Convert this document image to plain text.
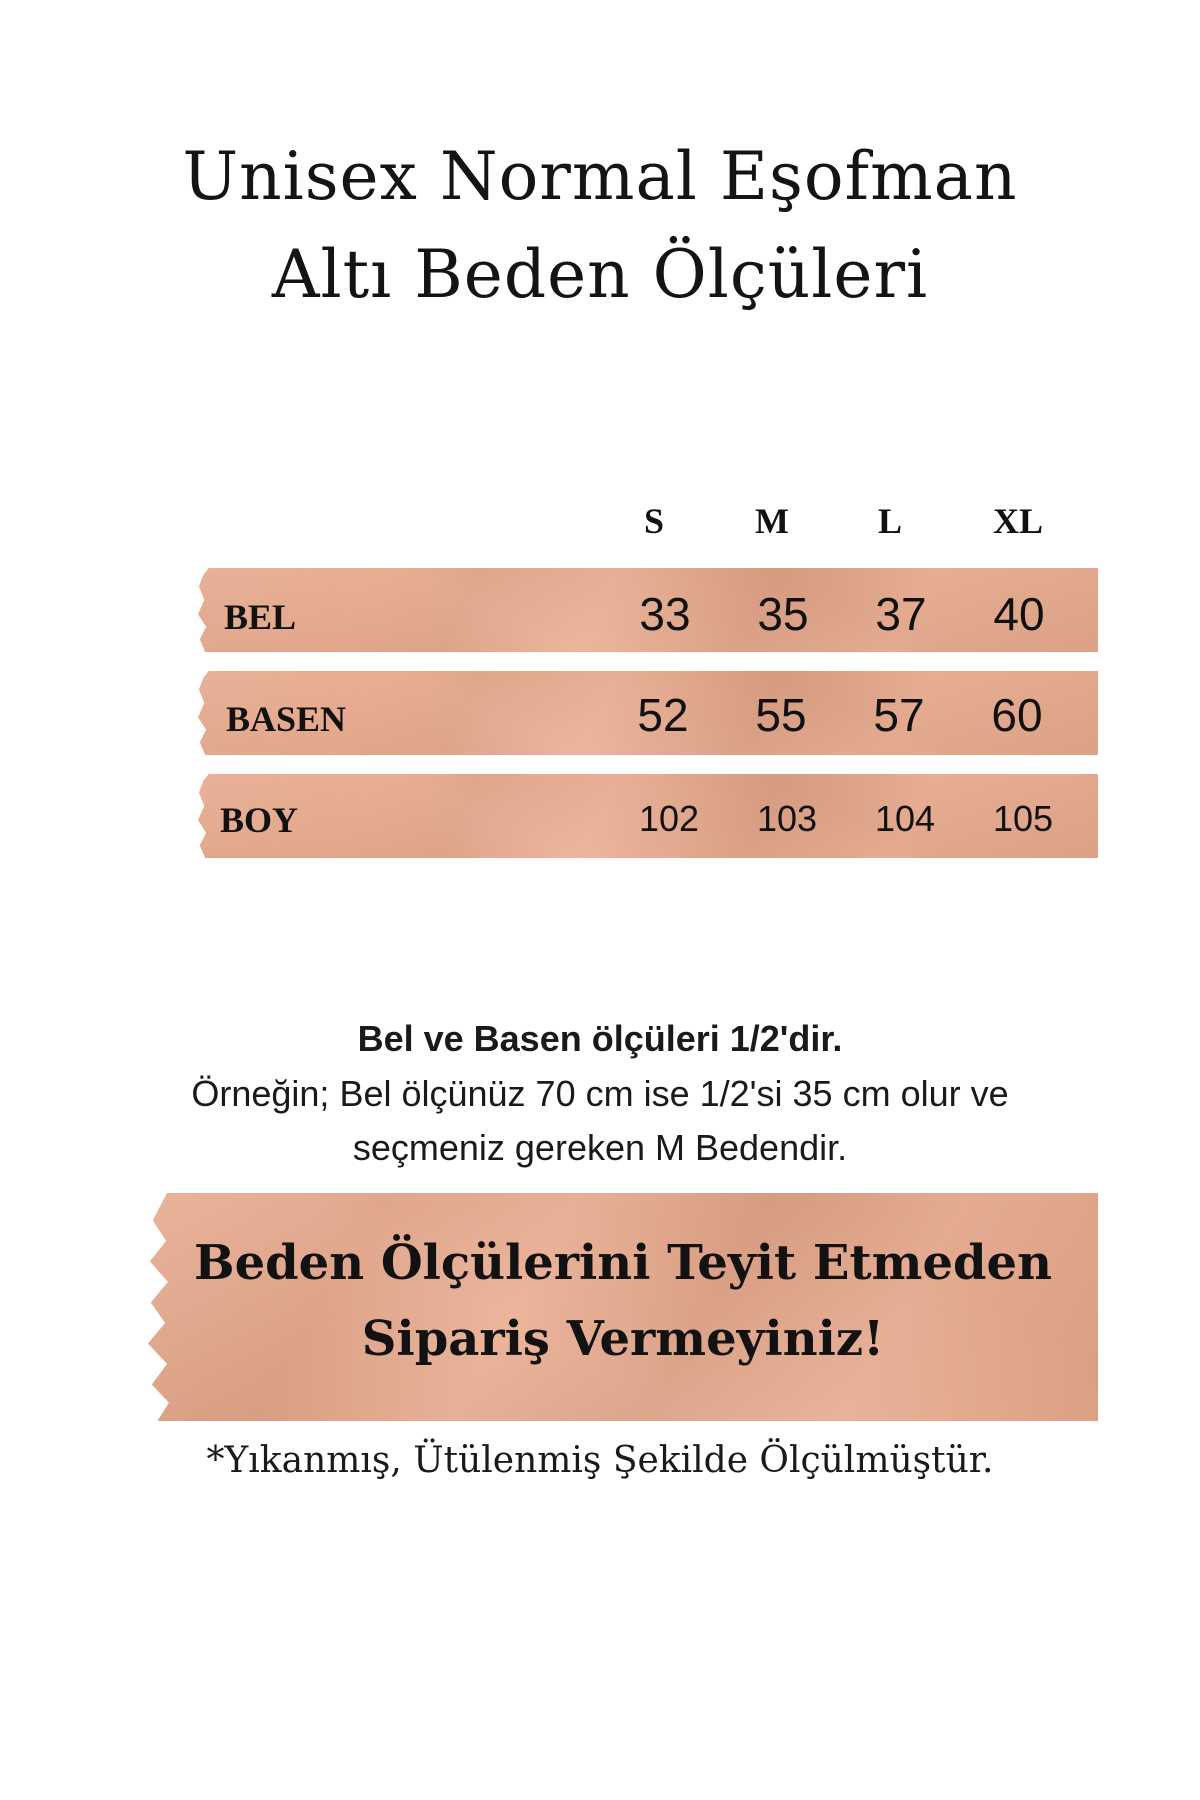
Unisex Normal Eşofman
Altı Beden Ölçüleri
S	M	L	XL
BEL	33	35	37	40
BASEN	52	55	57	60
BOY	102	103	104	105
Bel ve Basen ölçüleri 1/2'dir.
Örneğin; Bel ölçünüz 70 cm ise 1/2'si 35 cm olur ve
seçmeniz gereken M Bedendir.
Beden Ölçülerini Teyit Etmeden
Sipariş Vermeyiniz!
*Yıkanmış, Ütülenmiş Şekilde Ölçülmüştür.
